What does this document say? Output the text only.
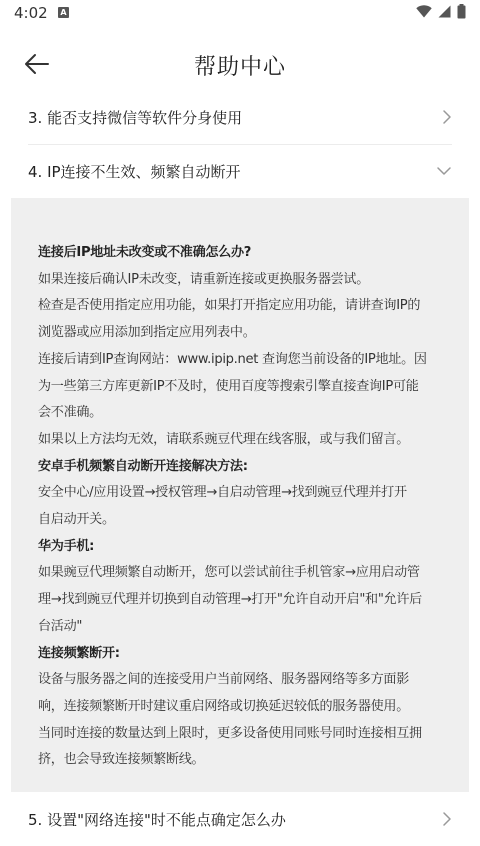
4:02 A
帮助中心
3. 能否支持微信等软件分身使用
4. IP连接不生效、频繁自动断开

连接后IP地址未改变或不准确怎么办?

如果连接后确认IP未改变，请重新连接或更换服务器尝试。

检查是否使用指定应用功能，如果打开指定应用功能，请讲查询IP的

浏览器或应用添加到指定应用列表中。

连接后请到IP查询网站：www.ipip.net 查询您当前设备的IP地址。因

为一些第三方库更新IP不及时，使用百度等搜索引擎直接查询IP可能

会不准确。

如果以上方法均无效，请联系豌豆代理在线客服，或与我们留言。

安卓手机频繁自动断开连接解决方法:

安全中心/应用设置→授权管理→自启动管理→找到豌豆代理并打开

自启动开关。

华为手机:

如果豌豆代理频繁自动断开，您可以尝试前往手机管家→应用启动管

理→找到豌豆代理并切换到自动管理→打开"允许自动开启"和"允许后

台活动"

连接频繁断开:

设备与服务器之间的连接受用户当前网络、服务器网络等多方面影

响，连接频繁断开时建议重启网络或切换延迟较低的服务器使用。

当同时连接的数量达到上限时，更多设备使用同账号同时连接相互拥

挤，也会导致连接频繁断线。

5. 设置"网络连接"时不能点确定怎么办
